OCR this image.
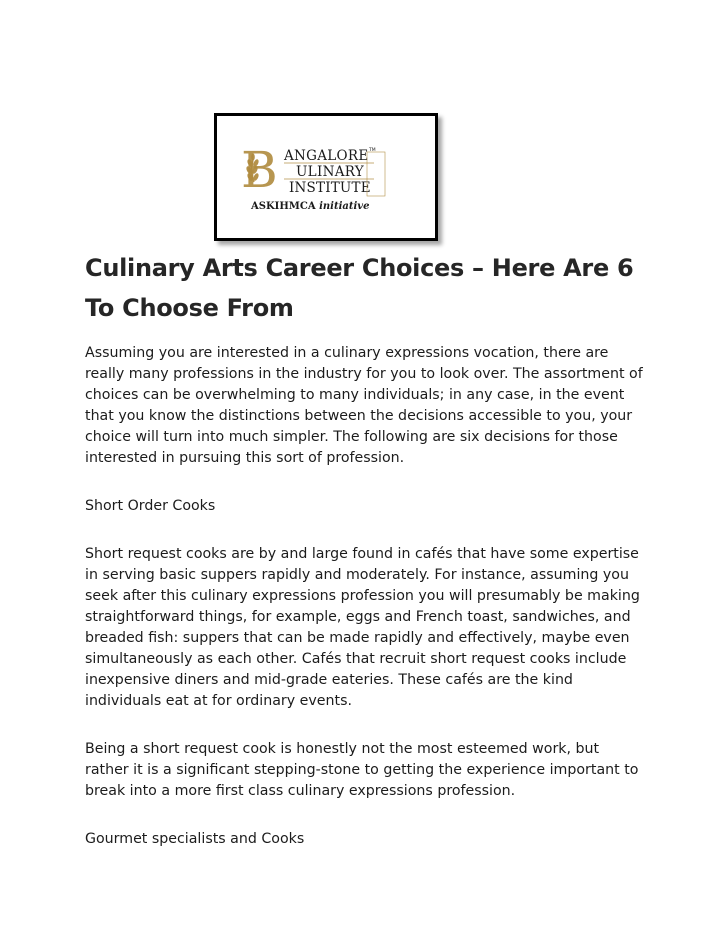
B ANGALORE TM
ULINARY
INSTITUTE
ASKIHMCA initiative
Culinary Arts Career Choices – Here Are 6 To Choose From

Assuming you are interested in a culinary expressions vocation, there are really many professions in the industry for you to look over. The assortment of choices can be overwhelming to many individuals; in any case, in the event that you know the distinctions between the decisions accessible to you, your choice will turn into much simpler. The following are six decisions for those interested in pursuing this sort of profession.

Short Order Cooks

Short request cooks are by and large found in cafés that have some expertise in serving basic suppers rapidly and moderately. For instance, assuming you seek after this culinary expressions profession you will presumably be making straightforward things, for example, eggs and French toast, sandwiches, and breaded fish: suppers that can be made rapidly and effectively, maybe even simultaneously as each other. Cafés that recruit short request cooks include inexpensive diners and mid-grade eateries. These cafés are the kind individuals eat at for ordinary events.

Being a short request cook is honestly not the most esteemed work, but rather it is a significant stepping-stone to getting the experience important to break into a more first class culinary expressions profession.

Gourmet specialists and Cooks
